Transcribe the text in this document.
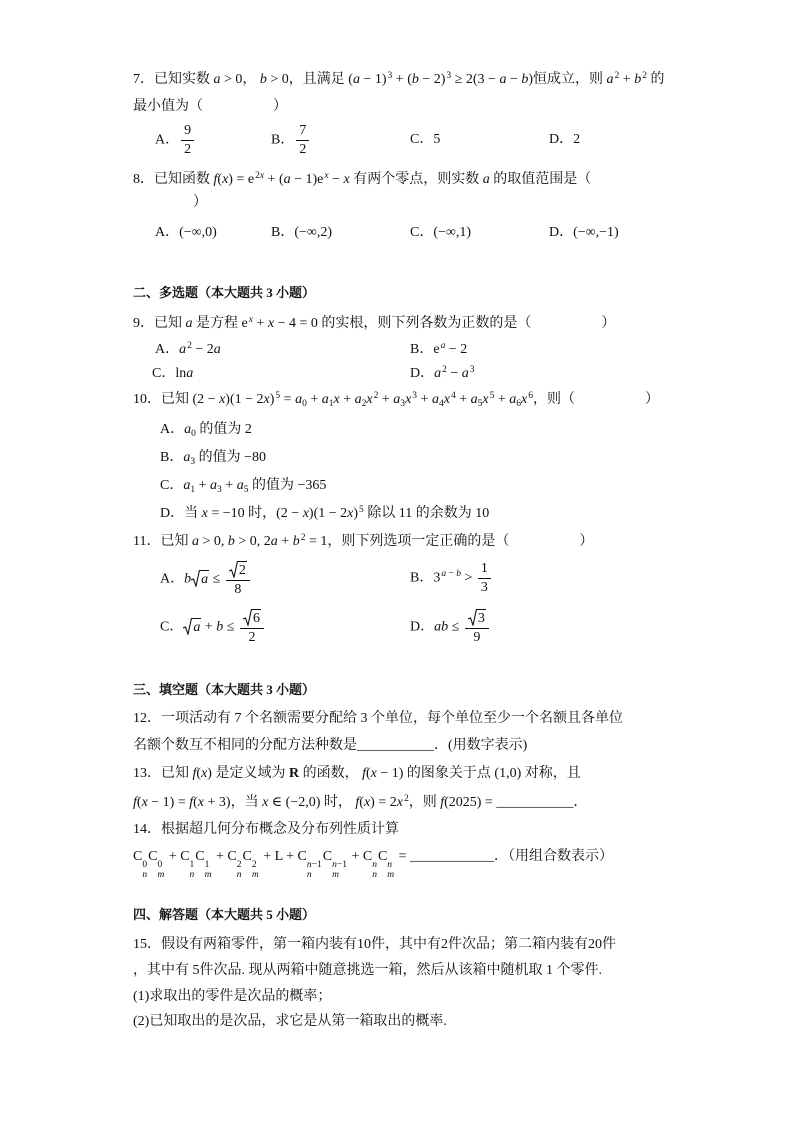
7．已知实数 a > 0， b > 0，且满足 $(a - 1)^3 + (b - 2)^3 \ge 2(3 - a - b)$恒成立，则 $a^2 + b^2$ 的
最小值为（　　　　　）
A． $\frac{9}{2}$	B． $\frac{7}{2}$	C．5	D．2
8．已知函数 $f(x) = e^{2x} + (a - 1)e^x - x$ 有两个零点，则实数 a 的取值范围是（
）
A．(−∞,0)	B．(−∞,2)	C．(−∞,1)	D．(−∞,−1)
二、多选题（本大题共 3 小题）
9．已知 a 是方程 $e^x + x - 4 = 0$ 的实根，则下列各数为正数的是（　　　　　）
A．$a^2 - 2a$	B．$e^a - 2$
C．lna	D．$a^2 - a^3$
10．已知 $(2 - x)(1 - 2x)^5 = a_0 + a_1x + a_2x^2 + a_3x^3 + a_4x^4 + a_5x^5 + a_6x^6$，则（　　　　　）
A．$a_0$ 的值为 2
B．$a_3$ 的值为 −80
C．$a_1 + a_3 + a_5$ 的值为 −365
D．当 x = −10 时，$(2 - x)(1 - 2x)^5$ 除以 11 的余数为 10
11．已知 a > 0, b > 0, $2a + b^2 = 1$，则下列选项一定正确的是（　　　　　）
A．b $a \le \frac{2}{8}$	B．$3^{a - b} > \frac{1}{3}$
C． $a + b \le \frac{6}{2}$	D．ab ≤ $\frac{3}{9}$
三、填空题（本大题共 3 小题）
12．一项活动有 7 个名额需要分配给 3 个单位，每个单位至少一个名额且各单位
名额个数互不相同的分配方法种数是___________．(用数字表示)
13．已知 f(x) 是定义域为 R 的函数， f(x − 1) 的图象关于点 (1,0) 对称，且
f(x − 1) = f(x + 3)，当 x ∈ (−2,0) 时， $f(x) = 2x^2$，则 f(2025) = ___________．
14．根据超几何分布概念及分布列性质计算
C
0
n
C
0
m
+ C
1
n
C
1
m
+ C
2
n
C
2
m
+ L + C
n−1
n
C
n−1
m
+ C
n
n
C
n
m
= ____________．（用组合数表示）
四、解答题（本大题共 5 小题）
15．假设有两箱零件，第一箱内装有10件，其中有2件次品；第二箱内装有20件
，其中有 5件次品. 现从两箱中随意挑选一箱，然后从该箱中随机取 1 个零件.
(1)求取出的零件是次品的概率；
(2)已知取出的是次品，求它是从第一箱取出的概率.
